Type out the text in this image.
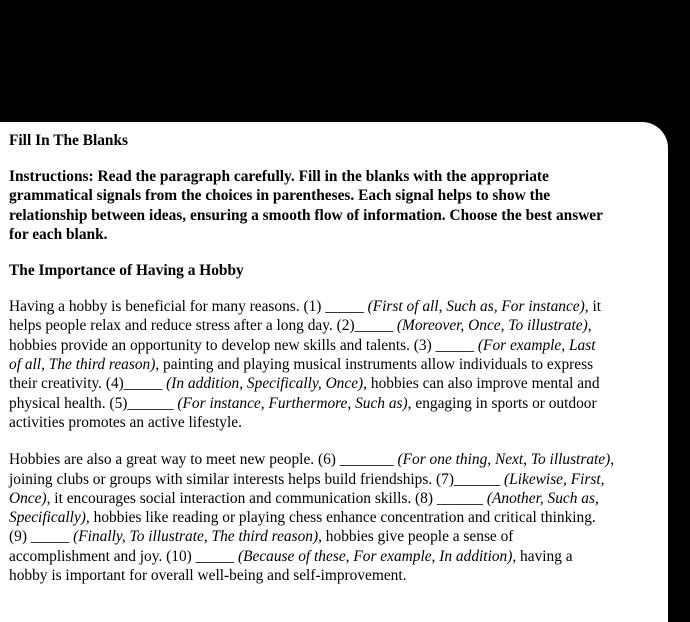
Fill In The Blanks

Instructions: Read the paragraph carefully. Fill in the blanks with the appropriate
grammatical signals from the choices in parentheses. Each signal helps to show the
relationship between ideas, ensuring a smooth flow of information. Choose the best answer
for each blank.

The Importance of Having a Hobby

Having a hobby is beneficial for many reasons. (1) _____ (First of all, Such as, For instance), it
helps people relax and reduce stress after a long day. (2)_____ (Moreover, Once, To illustrate),
hobbies provide an opportunity to develop new skills and talents. (3) _____ (For example, Last
of all, The third reason), painting and playing musical instruments allow individuals to express
their creativity. (4)_____ (In addition, Specifically, Once), hobbies can also improve mental and
physical health. (5)______ (For instance, Furthermore, Such as), engaging in sports or outdoor
activities promotes an active lifestyle.

Hobbies are also a great way to meet new people. (6) _______ (For one thing, Next, To illustrate),
joining clubs or groups with similar interests helps build friendships. (7)______ (Likewise, First,
Once), it encourages social interaction and communication skills. (8) ______ (Another, Such as,
Specifically), hobbies like reading or playing chess enhance concentration and critical thinking.
(9) _____ (Finally, To illustrate, The third reason), hobbies give people a sense of
accomplishment and joy. (10) _____ (Because of these, For example, In addition), having a
hobby is important for overall well-being and self-improvement.
